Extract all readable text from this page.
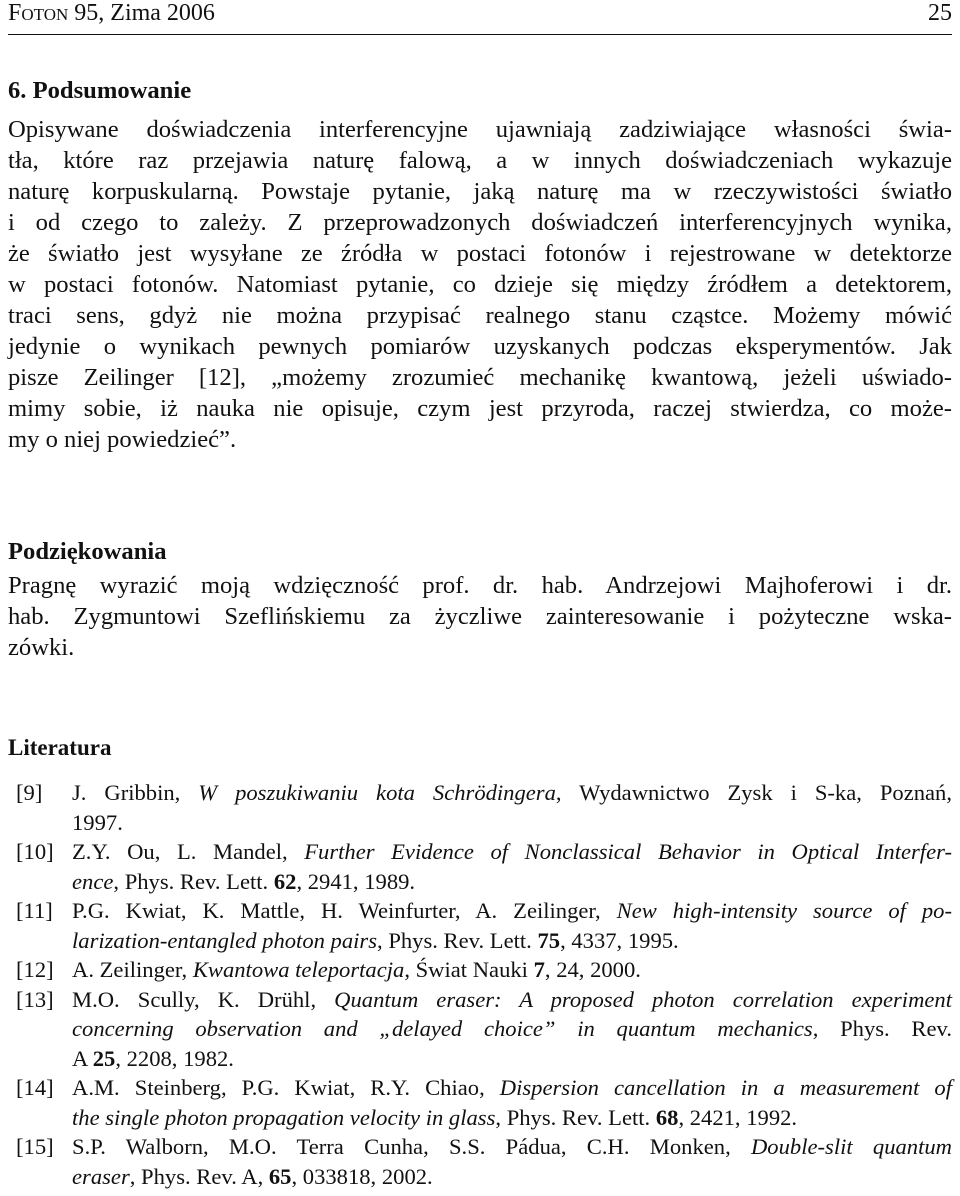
Foton 95, Zima 2006	25
6. Podsumowanie
Opisywane doświadczenia interferencyjne ujawniają zadziwiające własności świa-
tła, które raz przejawia naturę falową, a w innych doświadczeniach wykazuje
naturę korpuskularną. Powstaje pytanie, jaką naturę ma w rzeczywistości światło
i od czego to zależy. Z przeprowadzonych doświadczeń interferencyjnych wynika,
że światło jest wysyłane ze źródła w postaci fotonów i rejestrowane w detektorze
w postaci fotonów. Natomiast pytanie, co dzieje się między źródłem a detektorem,
traci sens, gdyż nie można przypisać realnego stanu cząstce. Możemy mówić
jedynie o wynikach pewnych pomiarów uzyskanych podczas eksperymentów. Jak
pisze Zeilinger [12], „możemy zrozumieć mechanikę kwantową, jeżeli uświado-
mimy sobie, iż nauka nie opisuje, czym jest przyroda, raczej stwierdza, co może-
my o niej powiedzieć”.
Podziękowania
Pragnę wyrazić moją wdzięczność prof. dr. hab. Andrzejowi Majhoferowi i dr.
hab. Zygmuntowi Szeflińskiemu za życzliwe zainteresowanie i pożyteczne wska-
zówki.
Literatura
[9] J. Gribbin, W poszukiwaniu kota Schrödingera, Wydawnictwo Zysk i S-ka, Poznań,
1997.
[10] Z.Y. Ou, L. Mandel, Further Evidence of Nonclassical Behavior in Optical Interfer-
ence, Phys. Rev. Lett. 62, 2941, 1989.
[11] P.G. Kwiat, K. Mattle, H. Weinfurter, A. Zeilinger, New high-intensity source of po-
larization-entangled photon pairs, Phys. Rev. Lett. 75, 4337, 1995.
[12] A. Zeilinger, Kwantowa teleportacja, Świat Nauki 7, 24, 2000.
[13] M.O. Scully, K. Drühl, Quantum eraser: A proposed photon correlation experiment
concerning observation and „delayed choice” in quantum mechanics, Phys. Rev.
A 25, 2208, 1982.
[14] A.M. Steinberg, P.G. Kwiat, R.Y. Chiao, Dispersion cancellation in a measurement of
the single photon propagation velocity in glass, Phys. Rev. Lett. 68, 2421, 1992.
[15] S.P. Walborn, M.O. Terra Cunha, S.S. Pádua, C.H. Monken, Double-slit quantum
eraser, Phys. Rev. A, 65, 033818, 2002.
